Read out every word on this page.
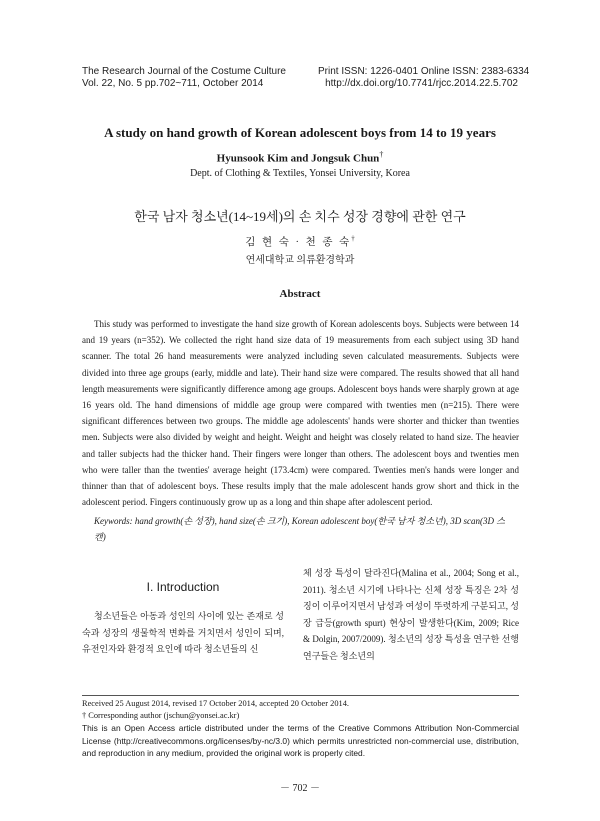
The Research Journal of the Costume Culture
Vol. 22, No. 5 pp.702~711, October 2014
Print ISSN: 1226-0401 Online ISSN: 2383-6334
http://dx.doi.org/10.7741/rjcc.2014.22.5.702
A study on hand growth of Korean adolescent boys from 14 to 19 years
Hyunsook Kim and Jongsuk Chun†
Dept. of Clothing & Textiles, Yonsei University, Korea
한국 남자 청소년(14~19세)의 손 치수 성장 경향에 관한 연구
김 현 숙 · 천 종 숙†
연세대학교 의류환경학과
Abstract

This study was performed to investigate the hand size growth of Korean adolescents boys. Subjects were between 14 and 19 years (n=352). We collected the right hand size data of 19 measurements from each subject using 3D hand scanner. The total 26 hand measurements were analyzed including seven calculated measurements. Subjects were divided into three age groups (early, middle and late). Their hand size were compared. The results showed that all hand length measurements were significantly difference among age groups. Adolescent boys hands were sharply grown at age 16 years old. The hand dimensions of middle age group were compared with twenties men (n=215). There were significant differences between two groups. The middle age adolescents' hands were shorter and thicker than twenties men. Subjects were also divided by weight and height. Weight and height was closely related to hand size. The heavier and taller subjects had the thicker hand. Their fingers were longer than others. The adolescent boys and twenties men who were taller than the twenties' average height (173.4cm) were compared. Twenties men's hands were longer and thinner than that of adolescent boys. These results imply that the male adolescent hands grow short and thick in the adolescent period. Fingers continuously grow up as a long and thin shape after adolescent period.

Keywords: hand growth(손 성장), hand size(손 크기), Korean adolescent boy(한국 남자 청소년), 3D scan(3D 스캔)
I. Introduction

청소년들은 아동과 성인의 사이에 있는 존재로 성숙과 성장의 생물학적 변화를 거치면서 성인이 되며, 유전인자와 환경적 요인에 따라 청소년들의 신

체 성장 특성이 달라진다(Malina et al., 2004; Song et al., 2011). 청소년 시기에 나타나는 신체 성장 특징은 2차 성징이 이루어지면서 남성과 여성이 뚜렷하게 구분되고, 성장 급등(growth spurt) 현상이 발생한다(Kim, 2009; Rice & Dolgin, 2007/2009). 청소년의 성장 특성을 연구한 선행연구들은 청소년의

Received 25 August 2014, revised 17 October 2014, accepted 20 October 2014.
† Corresponding author (jschun@yonsei.ac.kr)
This is an Open Access article distributed under the terms of the Creative Commons Attribution Non-Commercial License (http://creativecommons.org/licenses/by-nc/3.0) which permits unrestricted non-commercial use, distribution, and reproduction in any medium, provided the original work is properly cited.
－ 702 －
